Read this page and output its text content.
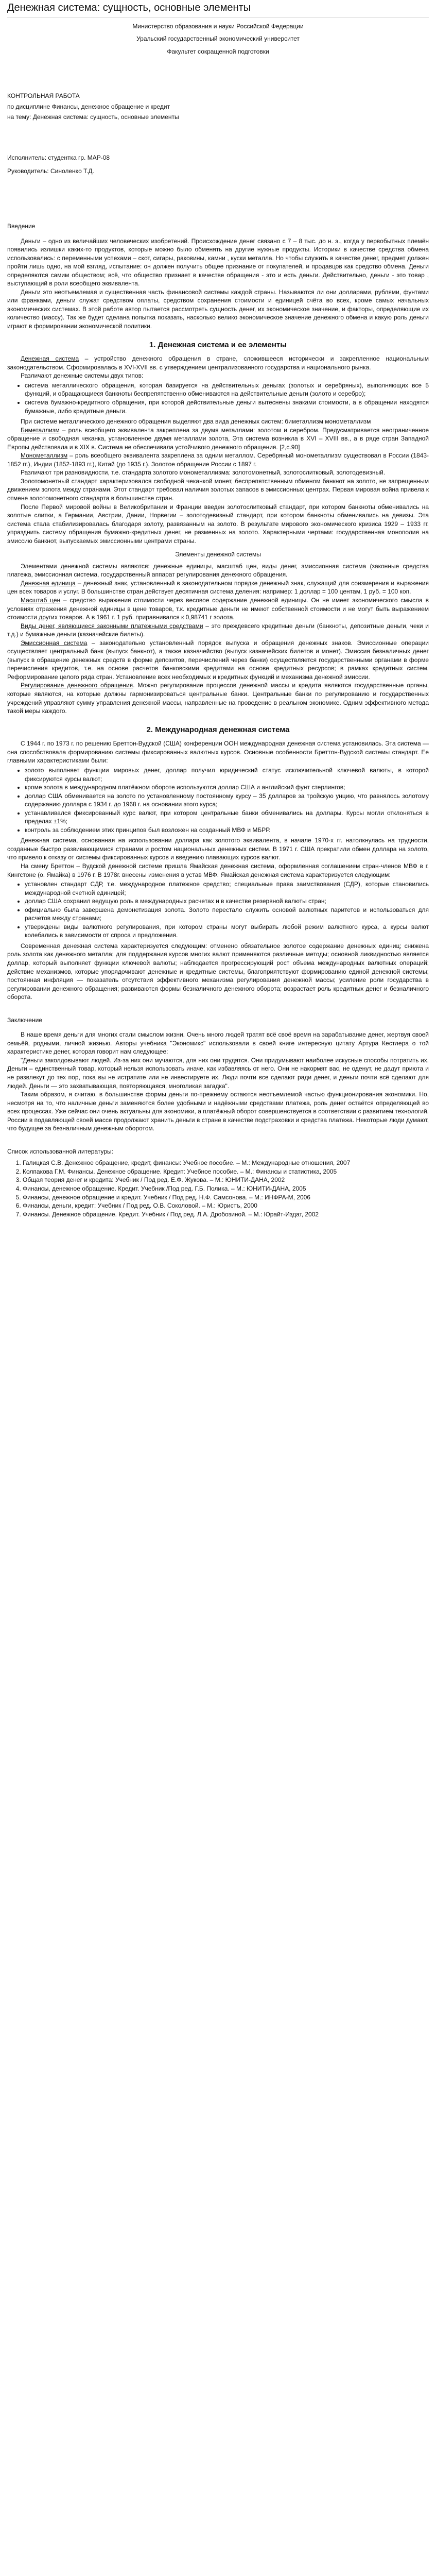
Денежная система: сущность, основные элементы

Министерство образования и науки Российской Федерации

Уральский государственный экономический университет

Факультет сокращенной подготовки

КОНТРОЛЬНАЯ РАБОТА

по дисциплине Финансы, денежное обращение и кредит

на тему: Денежная система: сущность, основные элементы

Исполнитель: студентка гр. МАР-08

Руководитель: Синоленко Т.Д.

Введение

Деньги – одно из величайших человеческих изобретений. Происхождение денег связано с 7 – 8 тыс. до н. э., когда у первобытных племён появились излишки каких-то продуктов, которые можно было обменять на другие нужные продукты. Историки в качестве средства обмена использовались: с переменными успехами – скот, сигары, раковины, камни , куски металла. Но чтобы служить в качестве денег, предмет должен пройти лишь одно, на мой взгляд, испытание: он должен получить общее признание от покупателей, и продавцов как средство обмена. Деньги определяются самим обществом; всё, что общество признает в качестве обращения - это и есть деньги. Действительно, деньги - это товар , выступающий в роли всеобщего эквивалента.

Деньги это неотъемлемая и существенная часть финансовой системы каждой страны. Называются ли они долларами, рублями, фунтами или франками, деньги служат средством оплаты, средством сохранения стоимости и единицей счёта во всех, кроме самых начальных экономических системах. В этой работе автор пытается рассмотреть сущность денег, их экономическое значение, и факторы, определяющие их количество (массу). Так же будет сделана попытка показать, насколько велико экономическое значение денежного обмена и какую роль деньги играют в формировании экономической политики.

1. Денежная система и ее элементы

Денежная система – устройство денежного обращения в стране, сложившееся исторически и закрепленное национальным законодательством. Сформировалась в XVI-XVII вв. с утверждением централизованного государства и национального рынка.

Различают денежные системы двух типов:

• система металлического обращения, которая базируется на действительных деньгах (золотых и серебряных), выполняющих все 5 функций, и обращающиеся банкноты беспрепятственно обмениваются на действительные деньги (золото и серебро);
• система бумажно-кредитного обращения, при которой действительные деньги вытеснены знаками стоимости, а в обращении находятся бумажные, либо кредитные деньги.

При системе металлического денежного обращения выделяют два вида денежных систем: биметаллизм монометаллизм

Биметаллизм – роль всеобщего эквивалента закреплена за двумя металлами: золотом и серебром. Предусматривается неограниченное обращение и свободная чеканка, установленное двумя металлами золота, Эта система возникла в XVI – XVIII вв., а в ряде стран Западной Европы действовала и в XIX в. Система не обеспечивала устойчивого денежного обращения. [2,с.90]

Монометаллизм – роль всеобщего эквивалента закреплена за одним металлом. Серебряный монометаллизм существовал в России (1843-1852 гг.), Индии (1852-1893 гг.), Китай (до 1935 г.). Золотое обращение России с 1897 г.

Различают три разновидности, т.е. стандарта золотого монометаллизма: золотомонетный, золотослитковый, золотодевизный.

Золотомонетный стандарт характеризовался свободной чеканкой монет, беспрепятственным обменом банкнот на золото, не запрещенным движением золота между странами. Этот стандарт требовал наличия золотых запасов в эмиссионных центрах. Первая мировая война привела к отмене золотомонетного стандарта в большинстве стран.

После Первой мировой войны в Великобритании и Франции введен золотослитковый стандарт, при котором банкноты обменивались на золотые слитки, а Германии, Австрии, Дании, Норвегии – золотодевизный стандарт, при котором банкноты обменивались на девизы. Эта система стала стабилизировалась благодаря золоту, развязанным на золото. В результате мирового экономического кризиса 1929 – 1933 гг. упразднить систему обращения бумажно-кредитных денег, не разменных на золото. Характерными чертами: государственная монополия на эмиссию банкнот, выпускаемых эмиссионными центрами страны.

Элементы денежной системы

Элементами денежной системы являются: денежные единицы, масштаб цен, виды денег, эмиссионная система (законные средства платежа, эмиссионная система, государственный аппарат регулирования денежного обращения.

Денежная единица – денежный знак, установленный в законодательном порядке денежный знак, служащий для соизмерения и выражения цен всех товаров и услуг. В большинстве стран действует десятичная система деления: например: 1 доллар = 100 центам, 1 руб. = 100 коп.

Масштаб цен – средство выражения стоимости через весовое содержание денежной единицы. Он не имеет экономического смысла в условиях отражения денежной единицы в цене товаров, т.к. кредитные деньги не имеют собственной стоимости и не могут быть выражением стоимости других товаров. А в 1961 г. 1 руб. приравнивался к 0,98741 г золота.

Виды денег, являющиеся законными платежными средствами – это преждевсего кредитные деньги (банкноты, депозитные деньги, чеки и т.д.) и бумажные деньги (казначейские билеты).

Эмиссионная система – законодательно установленный порядок выпуска и обращения денежных знаков. Эмиссионные операции осуществляет центральный банк (выпуск банкнот), а также казначейство (выпуск казначейских билетов и монет). Эмиссия безналичных денег (выпуск в обращение денежных средств в форме депозитов, перечислений через банки) осуществляется государственными органами в форме перечисления кредитов, т.е. на основе расчетов банковскими кредитами на основе кредитных ресурсов; в рамках кредитных систем. Реформирование целого ряда стран. Установление всех необходимых и кредитных функций и механизма денежной эмиссии.

Регулирование денежного обращения. Можно регулирование процессов денежной массы и кредита являются государственные органы, которые являются, на которые должны гармонизироваться центральные банки. Центральные банки по регулированию и государственных учреждений управляют сумму управления денежной массы, направленные на проведение в реальном экономике. Одним эффективного метода такой меры каждого.

2. Международная денежная система

С 1944 г. по 1973 г. по решению Бреттон-Вудской (США) конференции ООН международная денежная система установилась. Эта система — она способствовала формированию системы фиксированных валютных курсов. Основные особенности Бреттон-Вудской системы стандарт. Ее главными характеристиками были:

• золото выполняет функции мировых денег, доллар получил юридический статус исключительной ключевой валюты, в которой фиксируются курсы валют;
• кроме золота в международном платёжном обороте используются доллар США и английский фунт стерлингов;
• доллар США обменивается на золото по установленному постоянному курсу – 35 долларов за тройскую унцию, что равнялось золотому содержанию доллара с 1934 г. до 1968 г. на основании этого курса;
• устанавливался фиксированный курс валют, при котором центральные банки обменивались на доллары. Курсы могли отклоняться в пределах ±1%;
• контроль за соблюдением этих принципов был возложен на созданный МВФ и МБРР.

Денежная система, основанная на использовании доллара как золотого эквивалента, в начале 1970-х гг. натолкнулась на трудности, созданные быстро развивающимися странами и ростом национальных денежных систем. В 1971 г. США прекратили обмен доллара на золото, что привело к отказу от системы фиксированных курсов и введению плавающих курсов валют.

На смену Бреттон – Вудской денежной системе пришла Ямайская денежная система, оформленная соглашением стран-членов МВФ в г. Кингстоне (о. Ямайка) в 1976 г. В 1978г. внесены изменения в устав МВФ. Ямайская денежная система характеризуется следующим:

• установлен стандарт СДР, т.е. международное платежное средство; специальные права заимствования (СДР), которые становились международной счетной единицей;
• доллар США сохранил ведущую роль в международных расчетах и в качестве резервной валюты стран;
• официально была завершена демонетизация золота. Золото перестало служить основой валютных паритетов и использоваться для расчетов между странами;
• утверждены виды валютного регулирования, при котором страны могут выбирать любой режим валютного курса, а курсы валют колебались в зависимости от спроса и предложения.

Современная денежная система характеризуется следующим: отменено обязательное золотое содержание денежных единиц; снижена роль золота как денежного металла; для поддержания курсов многих валют применяются различные методы; основной ликвидностью является доллар, который выполняет функции ключевой валюты; наблюдается прогрессирующий рост объема международных валютных операций; действие механизмов, которые упорядочивают денежные и кредитные системы, благоприятствуют формированию единой денежной системы; постоянная инфляция — показатель отсутствия эффективного механизма регулирования денежной массы; усиление роли государства в регулировании денежного обращения; развиваются формы безналичного денежного оборота; возрастает роль кредитных денег и безналичного оборота.

Заключение

В наше время деньги для многих стали смыслом жизни. Очень много людей тратят всё своё время на зарабатывание денег, жертвуя своей семьёй, родными, личной жизнью. Авторы учебника "Экономикс" использовали в своей книге интересную цитату Артура Кестлера о той характеристике денег, которая говорит нам следующее:

"Деньги заколдовывают людей. Из-за них они мучаются, для них они трудятся. Они придумывают наиболее искусные способы потратить их. Деньги – единственный товар, который нельзя использовать иначе, как избавляясь от него. Они не накормят вас, не оденут, не дадут приюта и не развлекут до тех пор, пока вы не истратите или не инвестируете их. Люди почти все сделают ради денег, и деньги почти всё сделают для людей. Деньги — это захватывающая, повторяющаяся, многоликая загадка".

Таким образом, я считаю, в большинстве формы деньги по-прежнему остаются неотъемлемой частью функционирования экономики. Но, несмотря на то, что наличные деньги заменяются более удобными и надёжными средствами платежа, роль денег остаётся определяющей во всех процессах. Уже сейчас они очень актуальны для экономики, а платёжный оборот совершенствуется в соответствии с развитием технологий. России в подавляющей своей массе продолжают хранить деньги в стране в качестве подстраховки и средства платежа. Некоторые люди думают, что будущее за безналичным денежным оборотом.

Список использованной литературы:

1. Галицкая С.В. Денежное обращение, кредит, финансы: Учебное пособие. – М.: Международные отношения, 2007
2. Колпакова Г.М. Финансы. Денежное обращение. Кредит: Учебное пособие. – М.: Финансы и статистика, 2005
3. Общая теория денег и кредита: Учебник / Под ред. Е.Ф. Жукова. – М.: ЮНИТИ-ДАНА, 2002
4. Финансы, денежное обращение. Кредит. Учебник /Под ред. Г.Б. Полика. – М.: ЮНИТИ-ДАНА, 2005
5. Финансы, денежное обращение и кредит. Учебник / Под ред. Н.Ф. Самсонова. – М.: ИНФРА-М, 2006
6. Финансы, деньги, кредит: Учебник / Под ред. О.В. Соколовой. – М.: Юристъ, 2000
7. Финансы. Денежное обращение. Кредит. Учебник / Под ред. Л.А. Дробозиной. – М.: Юрайт-Издат, 2002
